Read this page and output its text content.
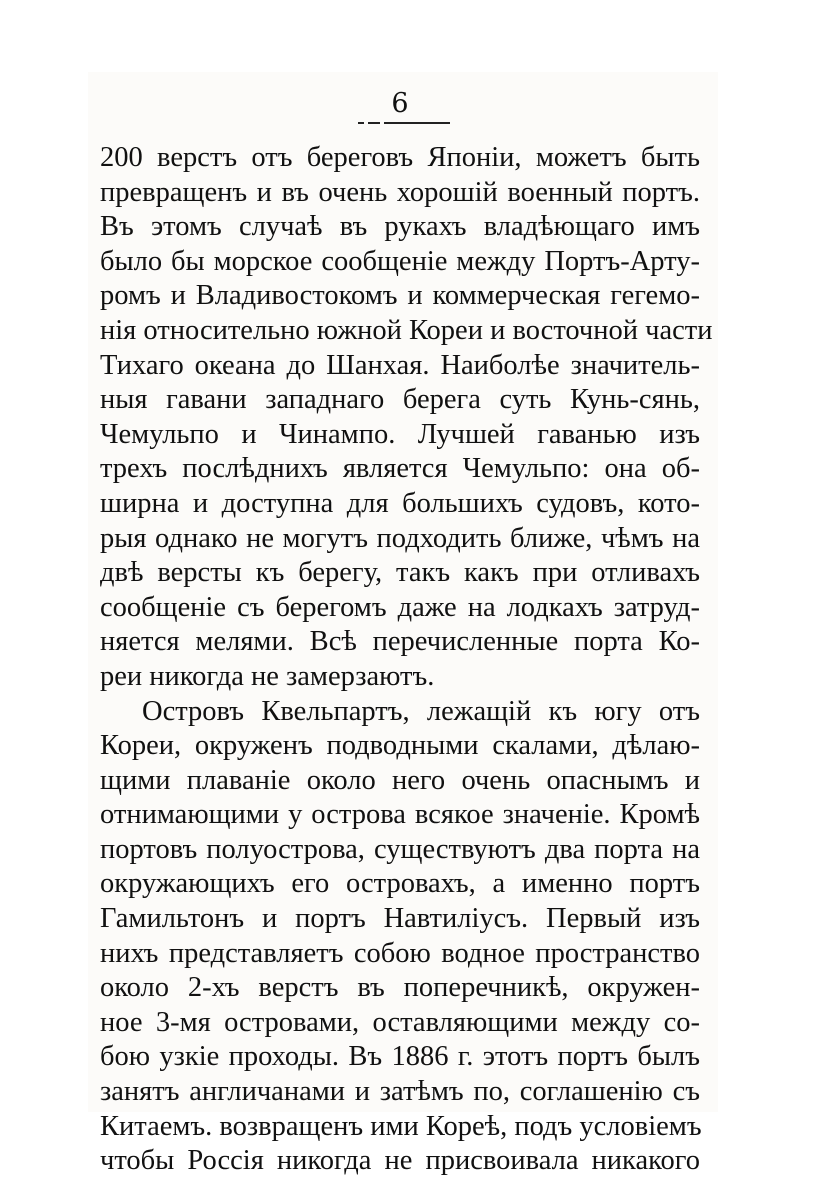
6
200 верстъ отъ береговъ Японіи, можетъ быть
превращенъ и въ очень хорошій военный портъ.
Въ этомъ случаѣ въ рукахъ владѣющаго имъ
было бы морское сообщеніе между Портъ-Арту-
ромъ и Владивостокомъ и коммерческая гегемо-
нія относительно южной Кореи и восточной части
Тихаго океана до Шанхая. Наиболѣе значитель-
ныя гавани западнаго берега суть Кунь-сянь,
Чемульпо и Чинампо. Лучшей гаванью изъ
трехъ послѣднихъ является Чемульпо: она об-
ширна и доступна для большихъ судовъ, кото-
рыя однако не могутъ подходить ближе, чѣмъ на
двѣ версты къ берегу, такъ какъ при отливахъ
сообщеніе съ берегомъ даже на лодкахъ затруд-
няется мелями. Всѣ перечисленные порта Ко-
реи никогда не замерзаютъ.
Островъ Квельпартъ, лежащій къ югу отъ
Кореи, окруженъ подводными скалами, дѣлаю-
щими плаваніе около него очень опаснымъ и
отнимающими у острова всякое значеніе. Кромѣ
портовъ полуострова, существуютъ два порта на
окружающихъ его островахъ, а именно портъ
Гамильтонъ и портъ Навтилiусъ. Первый изъ
нихъ представляетъ собою водное пространство
около 2-хъ верстъ въ поперечникѣ, окружен-
ное 3-мя островами, оставляющими между со-
бою узкіе проходы. Въ 1886 г. этотъ портъ былъ
занятъ англичанами и затѣмъ по, соглашенію съ
Китаемъ. возвращенъ ими Кореѣ, подъ условіемъ
чтобы Россія никогда не присвоивала никакого
